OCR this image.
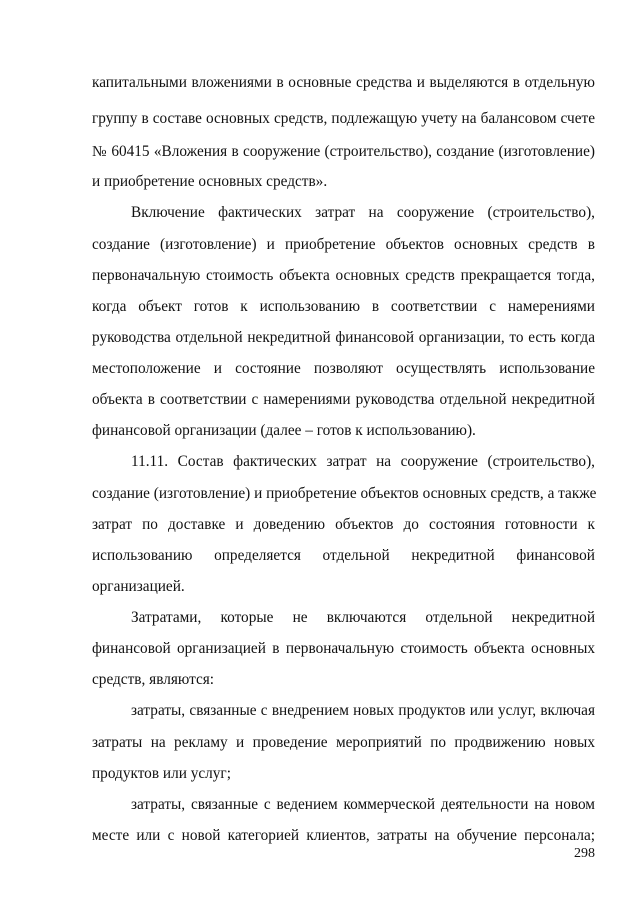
капитальными вложениями в основные средства и выделяются в отдельную
группу в составе основных средств, подлежащую учету на балансовом счете
№ 60415 «Вложения в сооружение (строительство), создание (изготовление)
и приобретение основных средств».
Включение фактических затрат на сооружение (строительство),
создание (изготовление) и приобретение объектов основных средств в
первоначальную стоимость объекта основных средств прекращается тогда,
когда объект готов к использованию в соответствии с намерениями
руководства отдельной некредитной финансовой организации, то есть когда
местоположение и состояние позволяют осуществлять использование
объекта в соответствии с намерениями руководства отдельной некредитной
финансовой организации (далее – готов к использованию).
11.11. Состав фактических затрат на сооружение (строительство),
создание (изготовление) и приобретение объектов основных средств, а также
затрат по доставке и доведению объектов до состояния готовности к
использованию определяется отдельной некредитной финансовой
организацией.
Затратами, которые не включаются отдельной некредитной
финансовой организацией в первоначальную стоимость объекта основных
средств, являются:
затраты, связанные с внедрением новых продуктов или услуг, включая
затраты на рекламу и проведение мероприятий по продвижению новых
продуктов или услуг;
затраты, связанные с ведением коммерческой деятельности на новом
месте или с новой категорией клиентов, затраты на обучение персонала;
298
